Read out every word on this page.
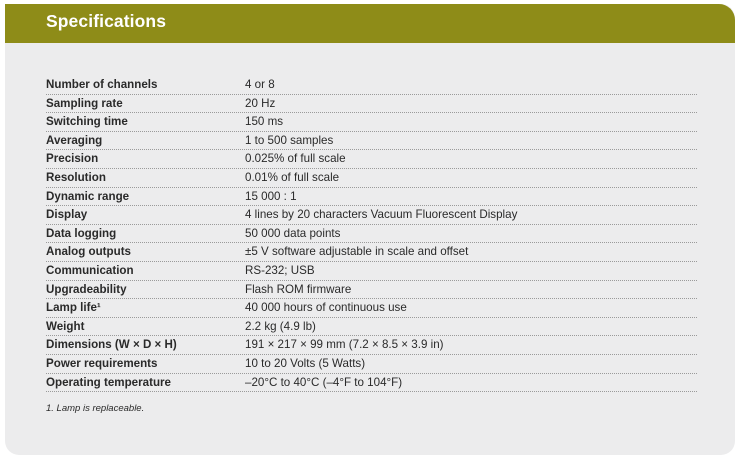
Specifications
Number of channels	4 or 8
Sampling rate	20 Hz
Switching time	150 ms
Averaging	1 to 500 samples
Precision	0.025% of full scale
Resolution	0.01% of full scale
Dynamic range	15 000 : 1
Display	4 lines by 20 characters Vacuum Fluorescent Display
Data logging	50 000 data points
Analog outputs	±5 V software adjustable in scale and offset
Communication	RS-232; USB
Upgradeability	Flash ROM firmware
Lamp life¹	40 000 hours of continuous use
Weight	2.2 kg (4.9 lb)
Dimensions (W × D × H)	191 × 217 × 99 mm (7.2 × 8.5 × 3.9 in)
Power requirements	10 to 20 Volts (5 Watts)
Operating temperature	–20°C to 40°C (–4°F to 104°F)
1. Lamp is replaceable.
